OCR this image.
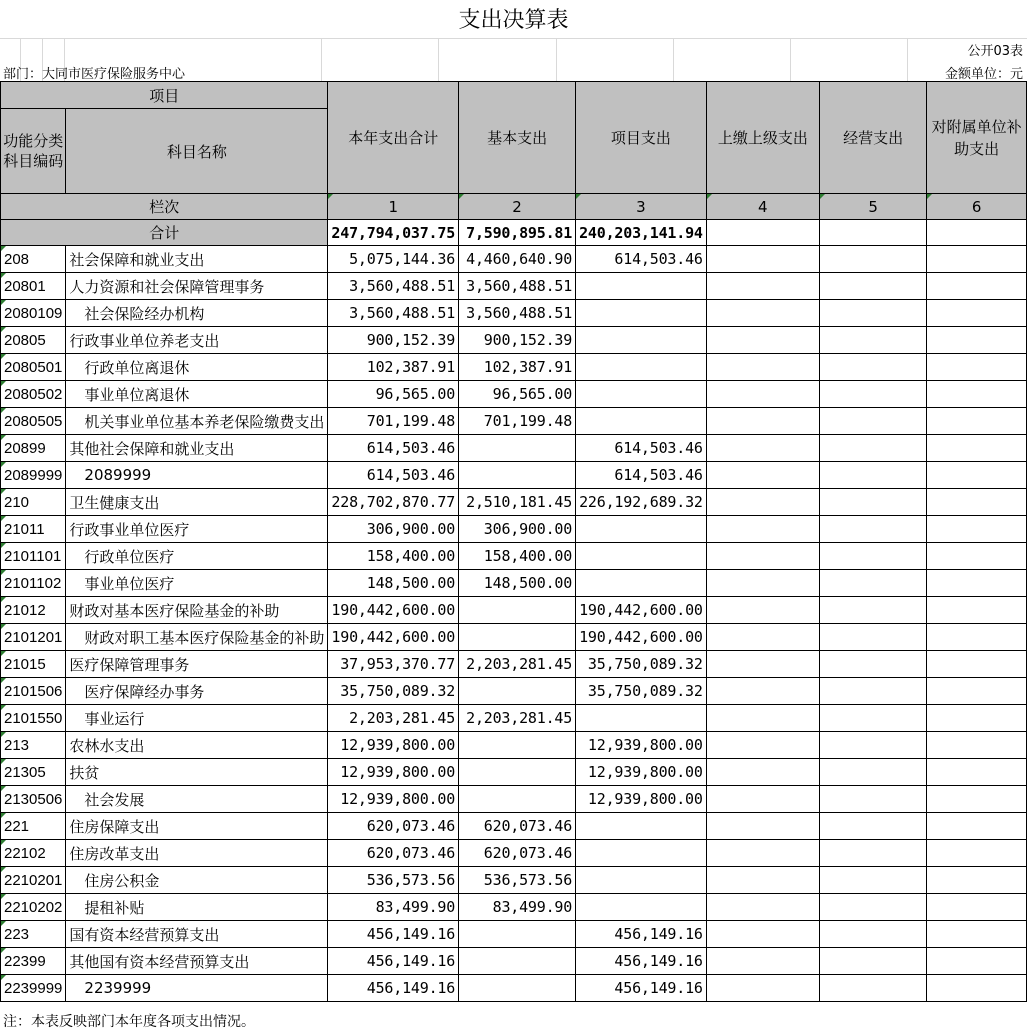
支出决算表
公开03表
部门：大同市医疗保险服务中心	金额单位：元
项目		本年支出合计	基本支出	项目支出	上缴上级支出	经营支出	对附属单位补助支出
功能分类科目编码	科目名称						
栏次		1	2	3	4	5	6
合计		247,794,037.75	7,590,895.81	240,203,141.94			
208	社会保障和就业支出	5,075,144.36	4,460,640.90	614,503.46			
20801	人力资源和社会保障管理事务	3,560,488.51	3,560,488.51				
2080109	社会保险经办机构	3,560,488.51	3,560,488.51				
20805	行政事业单位养老支出	900,152.39	900,152.39				
2080501	行政单位离退休	102,387.91	102,387.91				
2080502	事业单位离退休	96,565.00	96,565.00				
2080505	机关事业单位基本养老保险缴费支出	701,199.48	701,199.48				
20899	其他社会保障和就业支出	614,503.46		614,503.46			
2089999	2089999	614,503.46		614,503.46			
210	卫生健康支出	228,702,870.77	2,510,181.45	226,192,689.32			
21011	行政事业单位医疗	306,900.00	306,900.00				
2101101	行政单位医疗	158,400.00	158,400.00				
2101102	事业单位医疗	148,500.00	148,500.00				
21012	财政对基本医疗保险基金的补助	190,442,600.00		190,442,600.00			
2101201	财政对职工基本医疗保险基金的补助	190,442,600.00		190,442,600.00			
21015	医疗保障管理事务	37,953,370.77	2,203,281.45	35,750,089.32			
2101506	医疗保障经办事务	35,750,089.32		35,750,089.32			
2101550	事业运行	2,203,281.45	2,203,281.45				
213	农林水支出	12,939,800.00		12,939,800.00			
21305	扶贫	12,939,800.00		12,939,800.00			
2130506	社会发展	12,939,800.00		12,939,800.00			
221	住房保障支出	620,073.46	620,073.46				
22102	住房改革支出	620,073.46	620,073.46				
2210201	住房公积金	536,573.56	536,573.56				
2210202	提租补贴	83,499.90	83,499.90				
223	国有资本经营预算支出	456,149.16		456,149.16			
22399	其他国有资本经营预算支出	456,149.16		456,149.16			
2239999	2239999	456,149.16		456,149.16			
注：本表反映部门本年度各项支出情况。
